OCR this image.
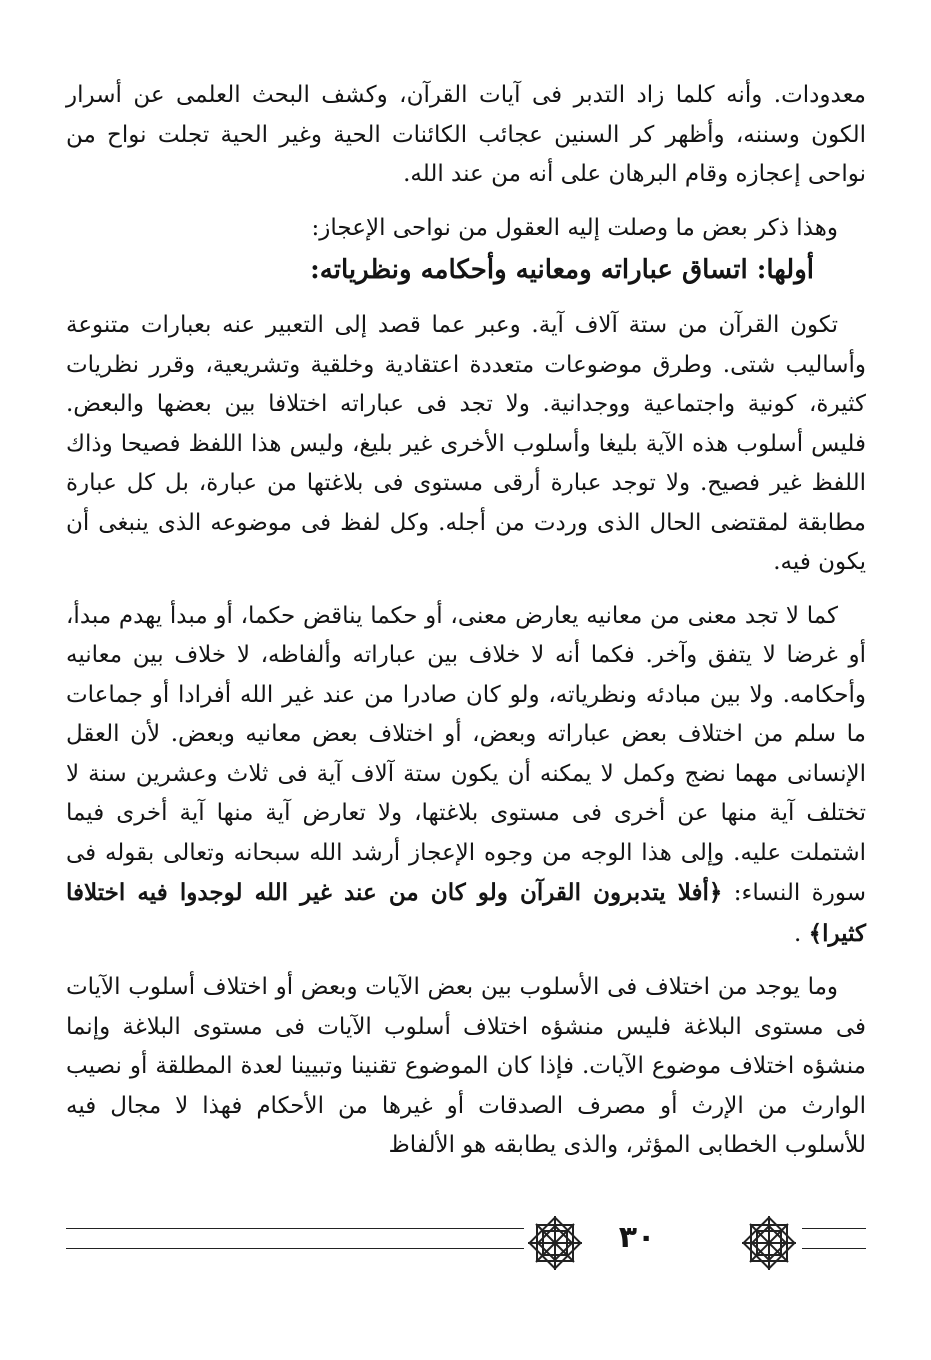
معدودات. وأنه كلما زاد التدبر فى آيات القرآن، وكشف البحث العلمى عن أسرار الكون وسننه، وأظهر كر السنين عجائب الكائنات الحية وغير الحية تجلت نواح من نواحى إعجازه وقام البرهان على أنه من عند الله.

وهذا ذكر بعض ما وصلت إليه العقول من نواحى الإعجاز:

أولها: اتساق عباراته ومعانيه وأحكامه ونظرياته:

تكون القرآن من ستة آلاف آية. وعبر عما قصد إلى التعبير عنه بعبارات متنوعة وأساليب شتى. وطرق موضوعات متعددة اعتقادية وخلقية وتشريعية، وقرر نظريات كثيرة، كونية واجتماعية ووجدانية. ولا تجد فى عباراته اختلافا بين بعضها والبعض. فليس أسلوب هذه الآية بليغا وأسلوب الأخرى غير بليغ، وليس هذا اللفظ فصيحا وذاك اللفظ غير فصيح. ولا توجد عبارة أرقى مستوى فى بلاغتها من عبارة، بل كل عبارة مطابقة لمقتضى الحال الذى وردت من أجله. وكل لفظ فى موضوعه الذى ينبغى أن يكون فيه.

كما لا تجد معنى من معانيه يعارض معنى، أو حكما يناقض حكما، أو مبدأ يهدم مبدأ، أو غرضا لا يتفق وآخر. فكما أنه لا خلاف بين عباراته وألفاظه، لا خلاف بين معانيه وأحكامه. ولا بين مبادئه ونظرياته، ولو كان صادرا من عند غير الله أفرادا أو جماعات ما سلم من اختلاف بعض عباراته وبعض، أو اختلاف بعض معانيه وبعض. لأن العقل الإنسانى مهما نضج وكمل لا يمكنه أن يكون ستة آلاف آية فى ثلاث وعشرين سنة لا تختلف آية منها عن أخرى فى مستوى بلاغتها، ولا تعارض آية منها آية أخرى فيما اشتملت عليه. وإلى هذا الوجه من وجوه الإعجاز أرشد الله سبحانه وتعالى بقوله فى سورة النساء: ﴿أفلا يتدبرون القرآن ولو كان من عند غير الله لوجدوا فيه اختلافا كثيرا﴾ .

وما يوجد من اختلاف فى الأسلوب بين بعض الآيات وبعض أو اختلاف أسلوب الآيات فى مستوى البلاغة فليس منشؤه اختلاف أسلوب الآيات فى مستوى البلاغة وإنما منشؤه اختلاف موضوع الآيات. فإذا كان الموضوع تقنينا وتبيينا لعدة المطلقة أو نصيب الوارث من الإرث أو مصرف الصدقات أو غيرها من الأحكام فهذا لا مجال فيه للأسلوب الخطابى المؤثر، والذى يطابقه هو الألفاظ

٣٠
